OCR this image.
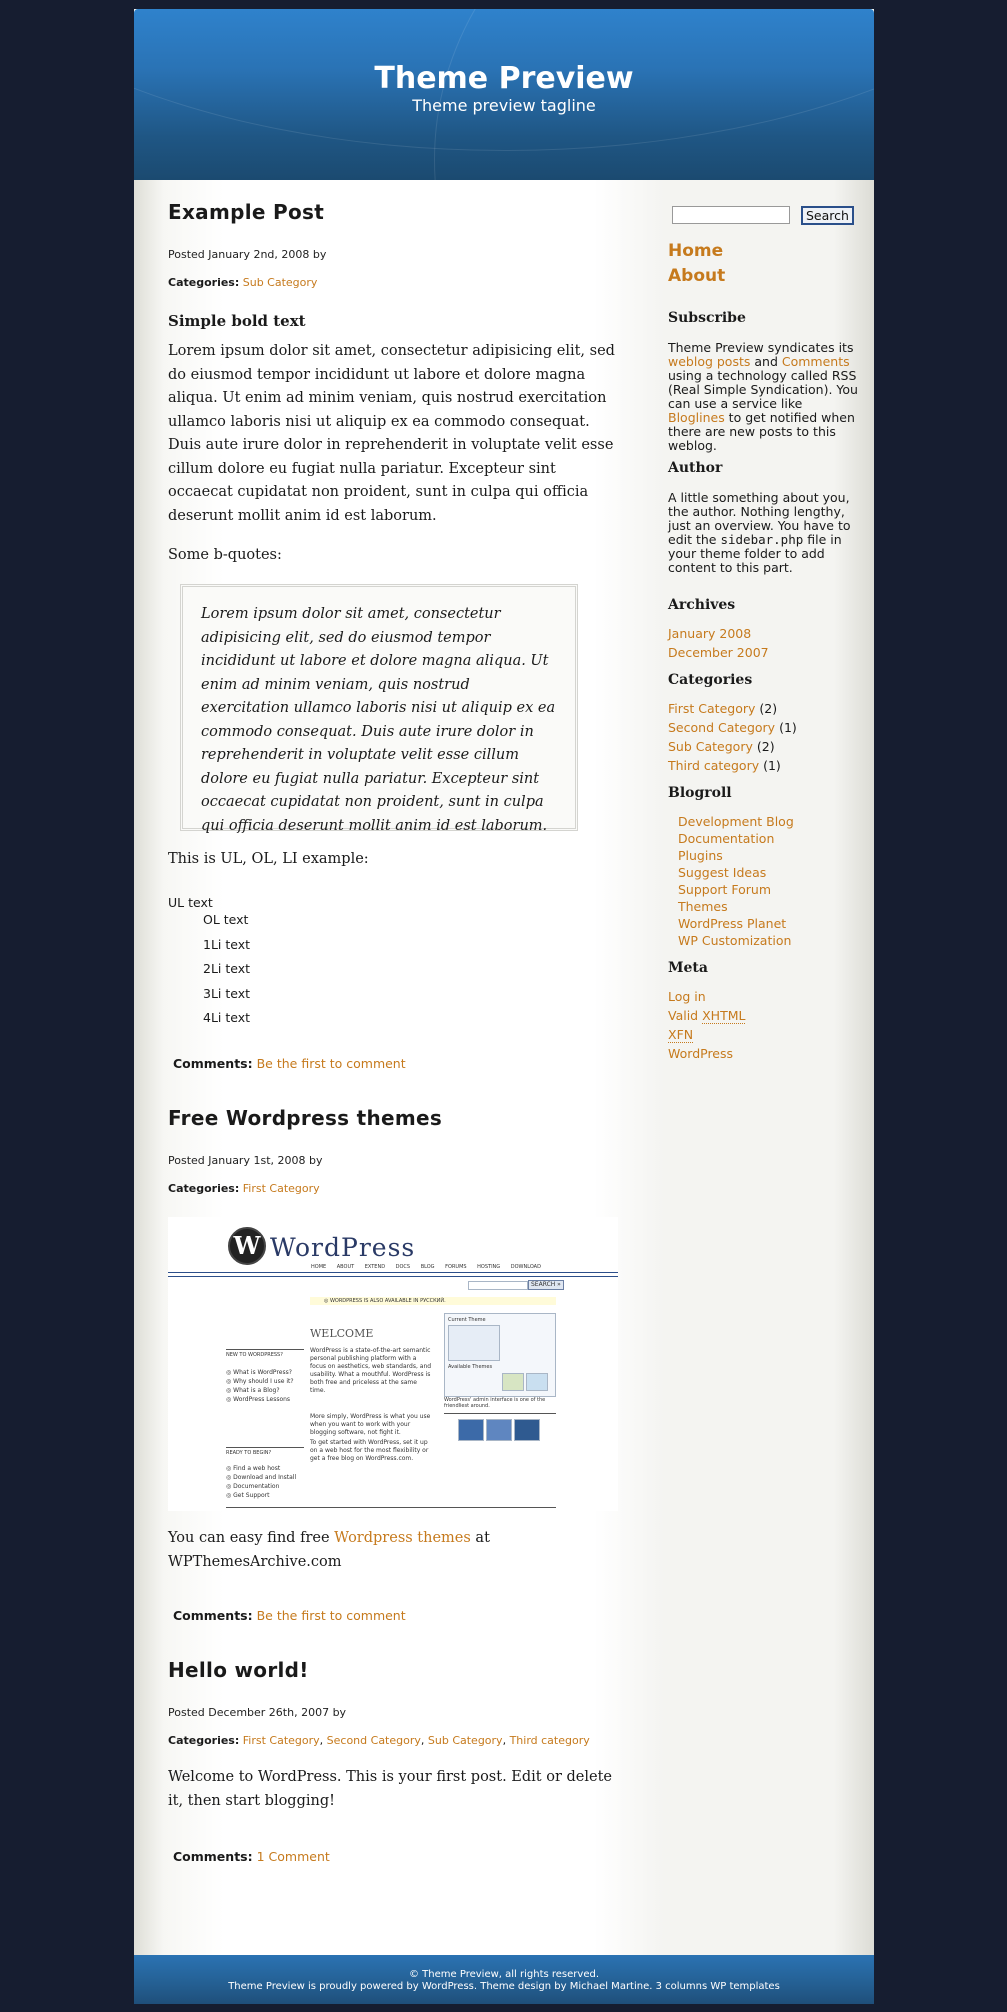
Theme Preview
Theme preview tagline
Example Post
Posted January 2nd, 2008 by
Categories: Sub Category
Simple bold text
Lorem ipsum dolor sit amet, consectetur adipisicing elit, sed do eiusmod tempor incididunt ut labore et dolore magna aliqua. Ut enim ad minim veniam, quis nostrud exercitation ullamco laboris nisi ut aliquip ex ea commodo consequat. Duis aute irure dolor in reprehenderit in voluptate velit esse cillum dolore eu fugiat nulla pariatur. Excepteur sint occaecat cupidatat non proident, sunt in culpa qui officia deserunt mollit anim id est laborum.
Some b-quotes:
Lorem ipsum dolor sit amet, consectetur adipisicing elit, sed do eiusmod tempor incididunt ut labore et dolore magna aliqua. Ut enim ad minim veniam, quis nostrud exercitation ullamco laboris nisi ut aliquip ex ea commodo consequat. Duis aute irure dolor in reprehenderit in voluptate velit esse cillum dolore eu fugiat nulla pariatur. Excepteur sint occaecat cupidatat non proident, sunt in culpa qui officia deserunt mollit anim id est laborum.
This is UL, OL, LI example:
UL text
OL text
1Li text
2Li text
3Li text
4Li text
Comments: Be the first to comment
Free Wordpress themes
Posted January 1st, 2008 by
Categories: First Category
W WordPress
HOME ABOUT EXTEND DOCS BLOG FORUMS HOSTING DOWNLOAD
SEARCH »
◎ WORDPRESS IS ALSO AVAILABLE IN РУССКИЙ.
WELCOME
WordPress is a state-of-the-art semantic personal publishing platform with a focus on aesthetics, web standards, and usability. What a mouthful. WordPress is both free and priceless at the same time.
More simply, WordPress is what you use when you want to work with your blogging software, not fight it.
To get started with WordPress, set it up on a web host for the most flexibility or get a free blog on WordPress.com.
NEW TO WORDPRESS?
◎ What is WordPress?
◎ Why should I use it?
◎ What is a Blog?
◎ WordPress Lessons
READY TO BEGIN?
◎ Find a web host
◎ Download and Install
◎ Documentation
◎ Get Support
Current Theme
Available Themes
WordPress' admin interface is one of the friendliest around.
You can easy find free Wordpress themes at WPThemesArchive.com
Comments: Be the first to comment
Hello world!
Posted December 26th, 2007 by
Categories: First Category, Second Category, Sub Category, Third category
Welcome to WordPress. This is your first post. Edit or delete it, then start blogging!
Comments: 1 Comment
Search
Home
About
Subscribe
Theme Preview syndicates its weblog posts and Comments using a technology called RSS (Real Simple Syndication). You can use a service like Bloglines to get notified when there are new posts to this weblog.
Author
A little something about you, the author. Nothing lengthy, just an overview. You have to edit the sidebar.php file in your theme folder to add content to this part.
Archives
January 2008
December 2007
Categories
First Category (2)
Second Category (1)
Sub Category (2)
Third category (1)
Blogroll
Development Blog
Documentation
Plugins
Suggest Ideas
Support Forum
Themes
WordPress Planet
WP Customization
Meta
Log in
Valid XHTML
XFN
WordPress
© Theme Preview, all rights reserved.
Theme Preview is proudly powered by WordPress. Theme design by Michael Martine. 3 columns WP templates
